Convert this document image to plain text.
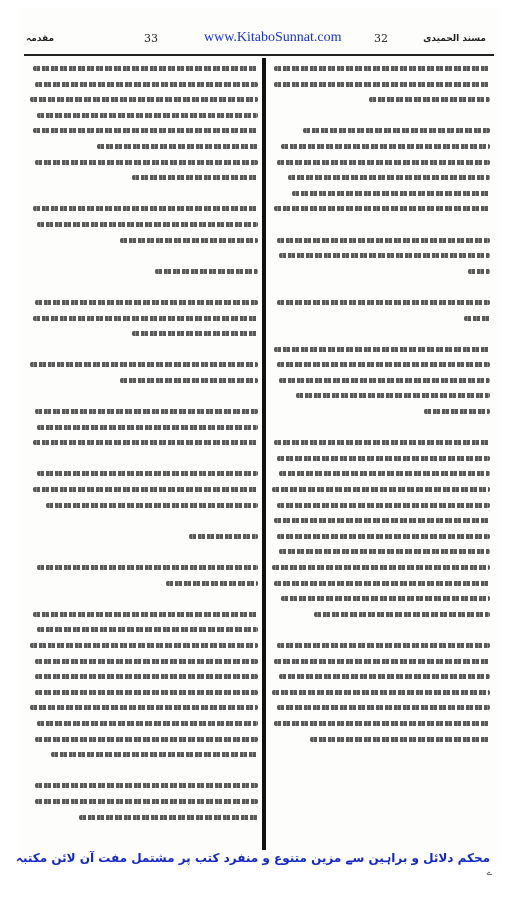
مقدمہ	33	www.KitaboSunnat.com	32	مسند الحمیدی
محکم دلائل و براہین سے مزین متنوع و منفرد کتب پر مشتمل مفت آن لائن مکتبہ
ے
